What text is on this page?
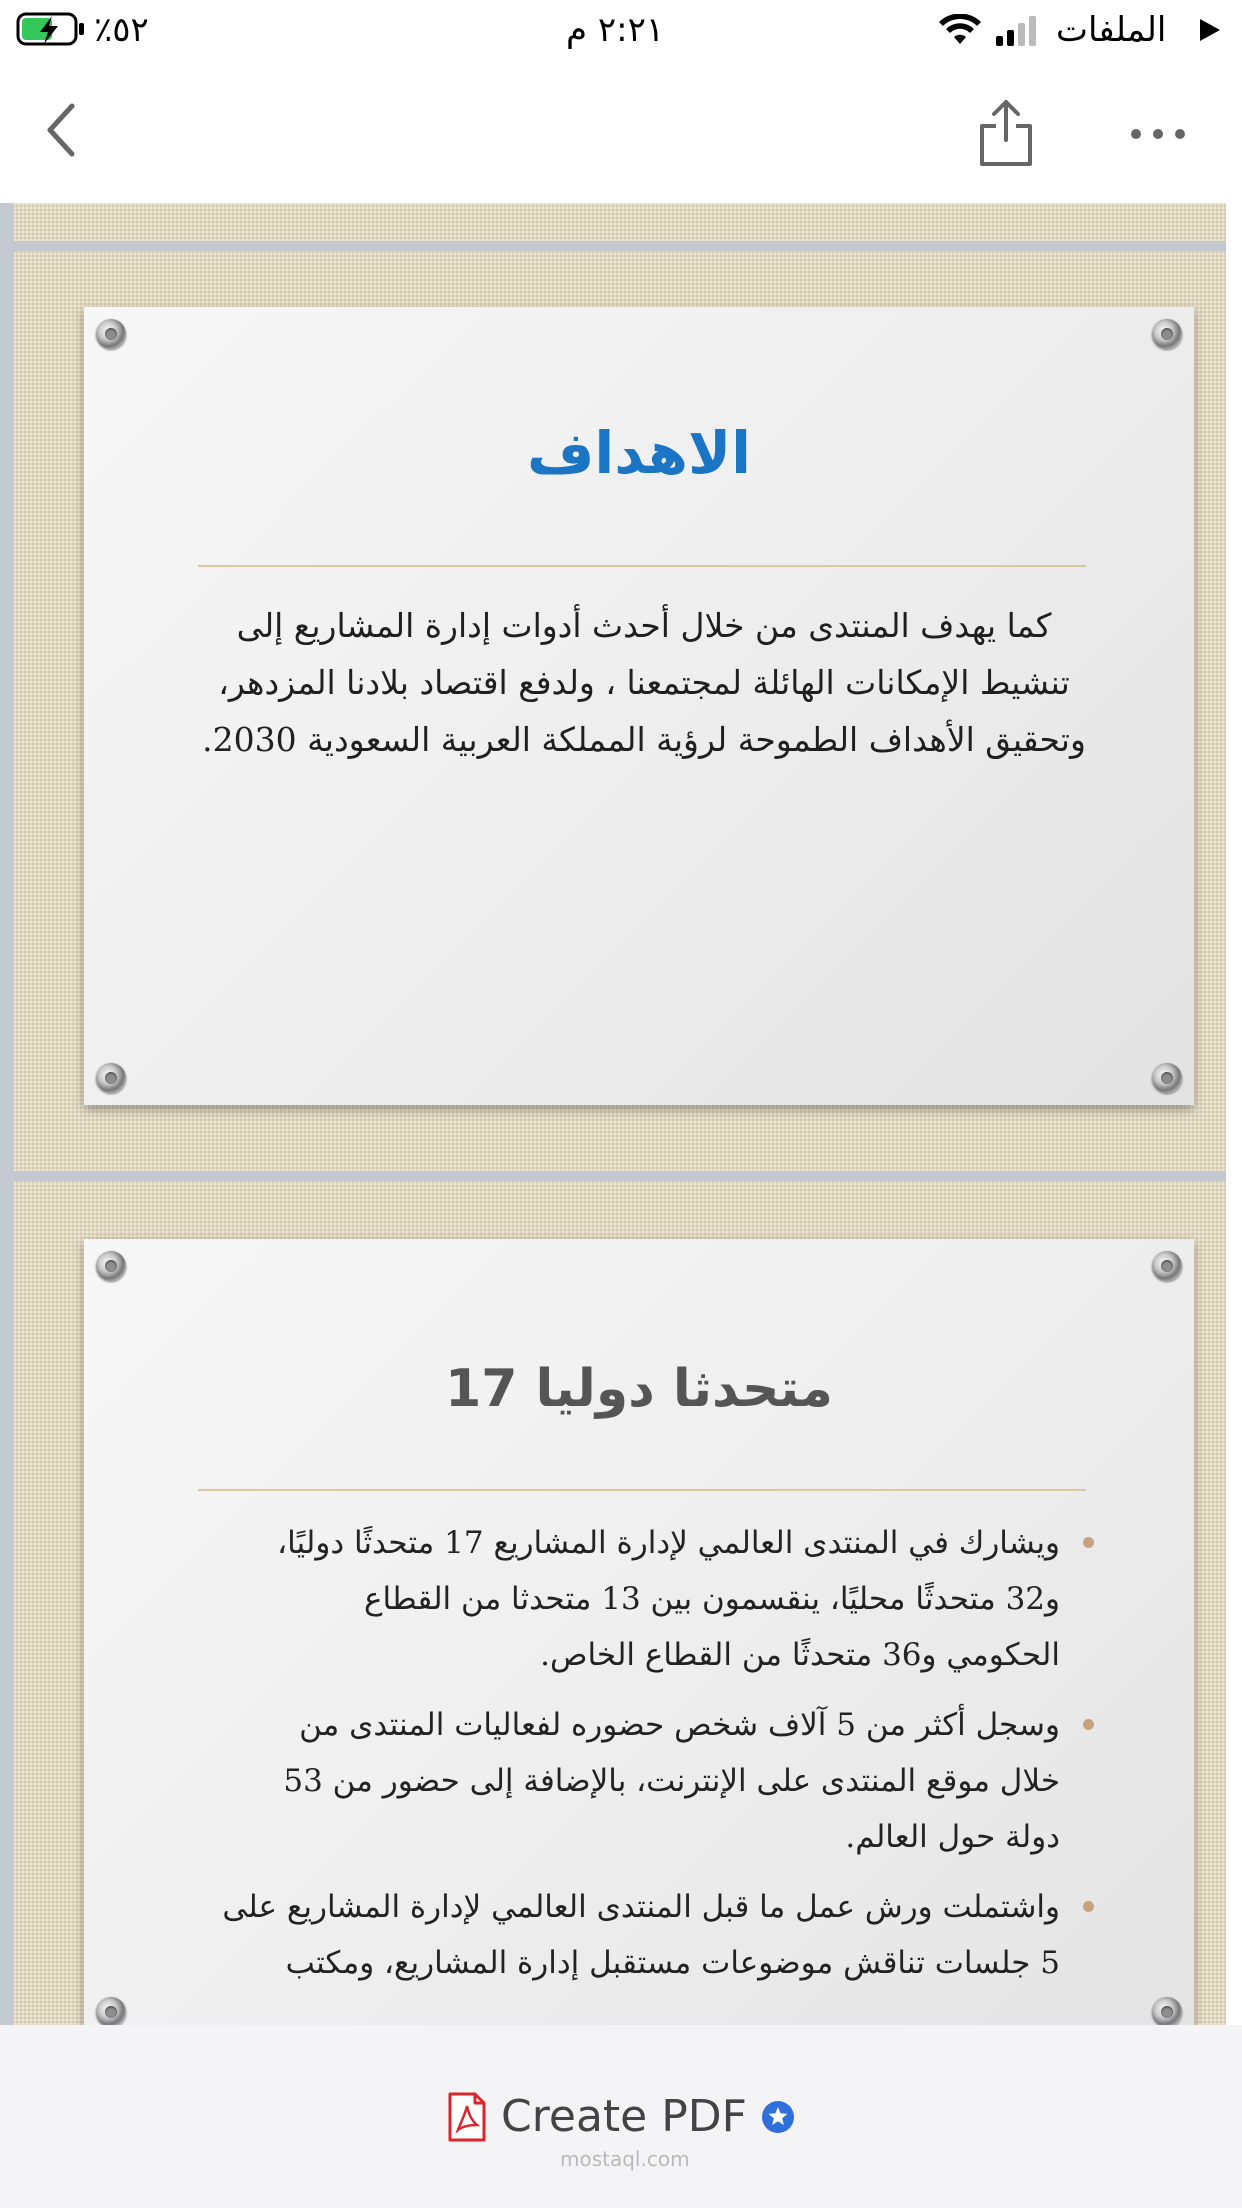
٪٥٢	٢:٢١ م	الملفات
الاهداف
كما يهدف المنتدى من خلال أحدث أدوات إدارة المشاريع إلى
تنشيط الإمكانات الهائلة لمجتمعنا ، ولدفع اقتصاد بلادنا المزدهر،
وتحقيق الأهداف الطموحة لرؤية المملكة العربية السعودية 2030.
متحدثا دوليا 17
ويشارك في المنتدى العالمي لإدارة المشاريع 17 متحدثًا دوليًا،
و32 متحدثًا محليًا، ينقسمون بين 13 متحدثا من القطاع
الحكومي و36 متحدثًا من القطاع الخاص.
وسجل أكثر من 5 آلاف شخص حضوره لفعاليات المنتدى من
خلال موقع المنتدى على الإنترنت، بالإضافة إلى حضور من 53
دولة حول العالم.
واشتملت ورش عمل ما قبل المنتدى العالمي لإدارة المشاريع على
5 جلسات تناقش موضوعات مستقبل إدارة المشاريع، ومكتب
Create PDF
mostaql.com
